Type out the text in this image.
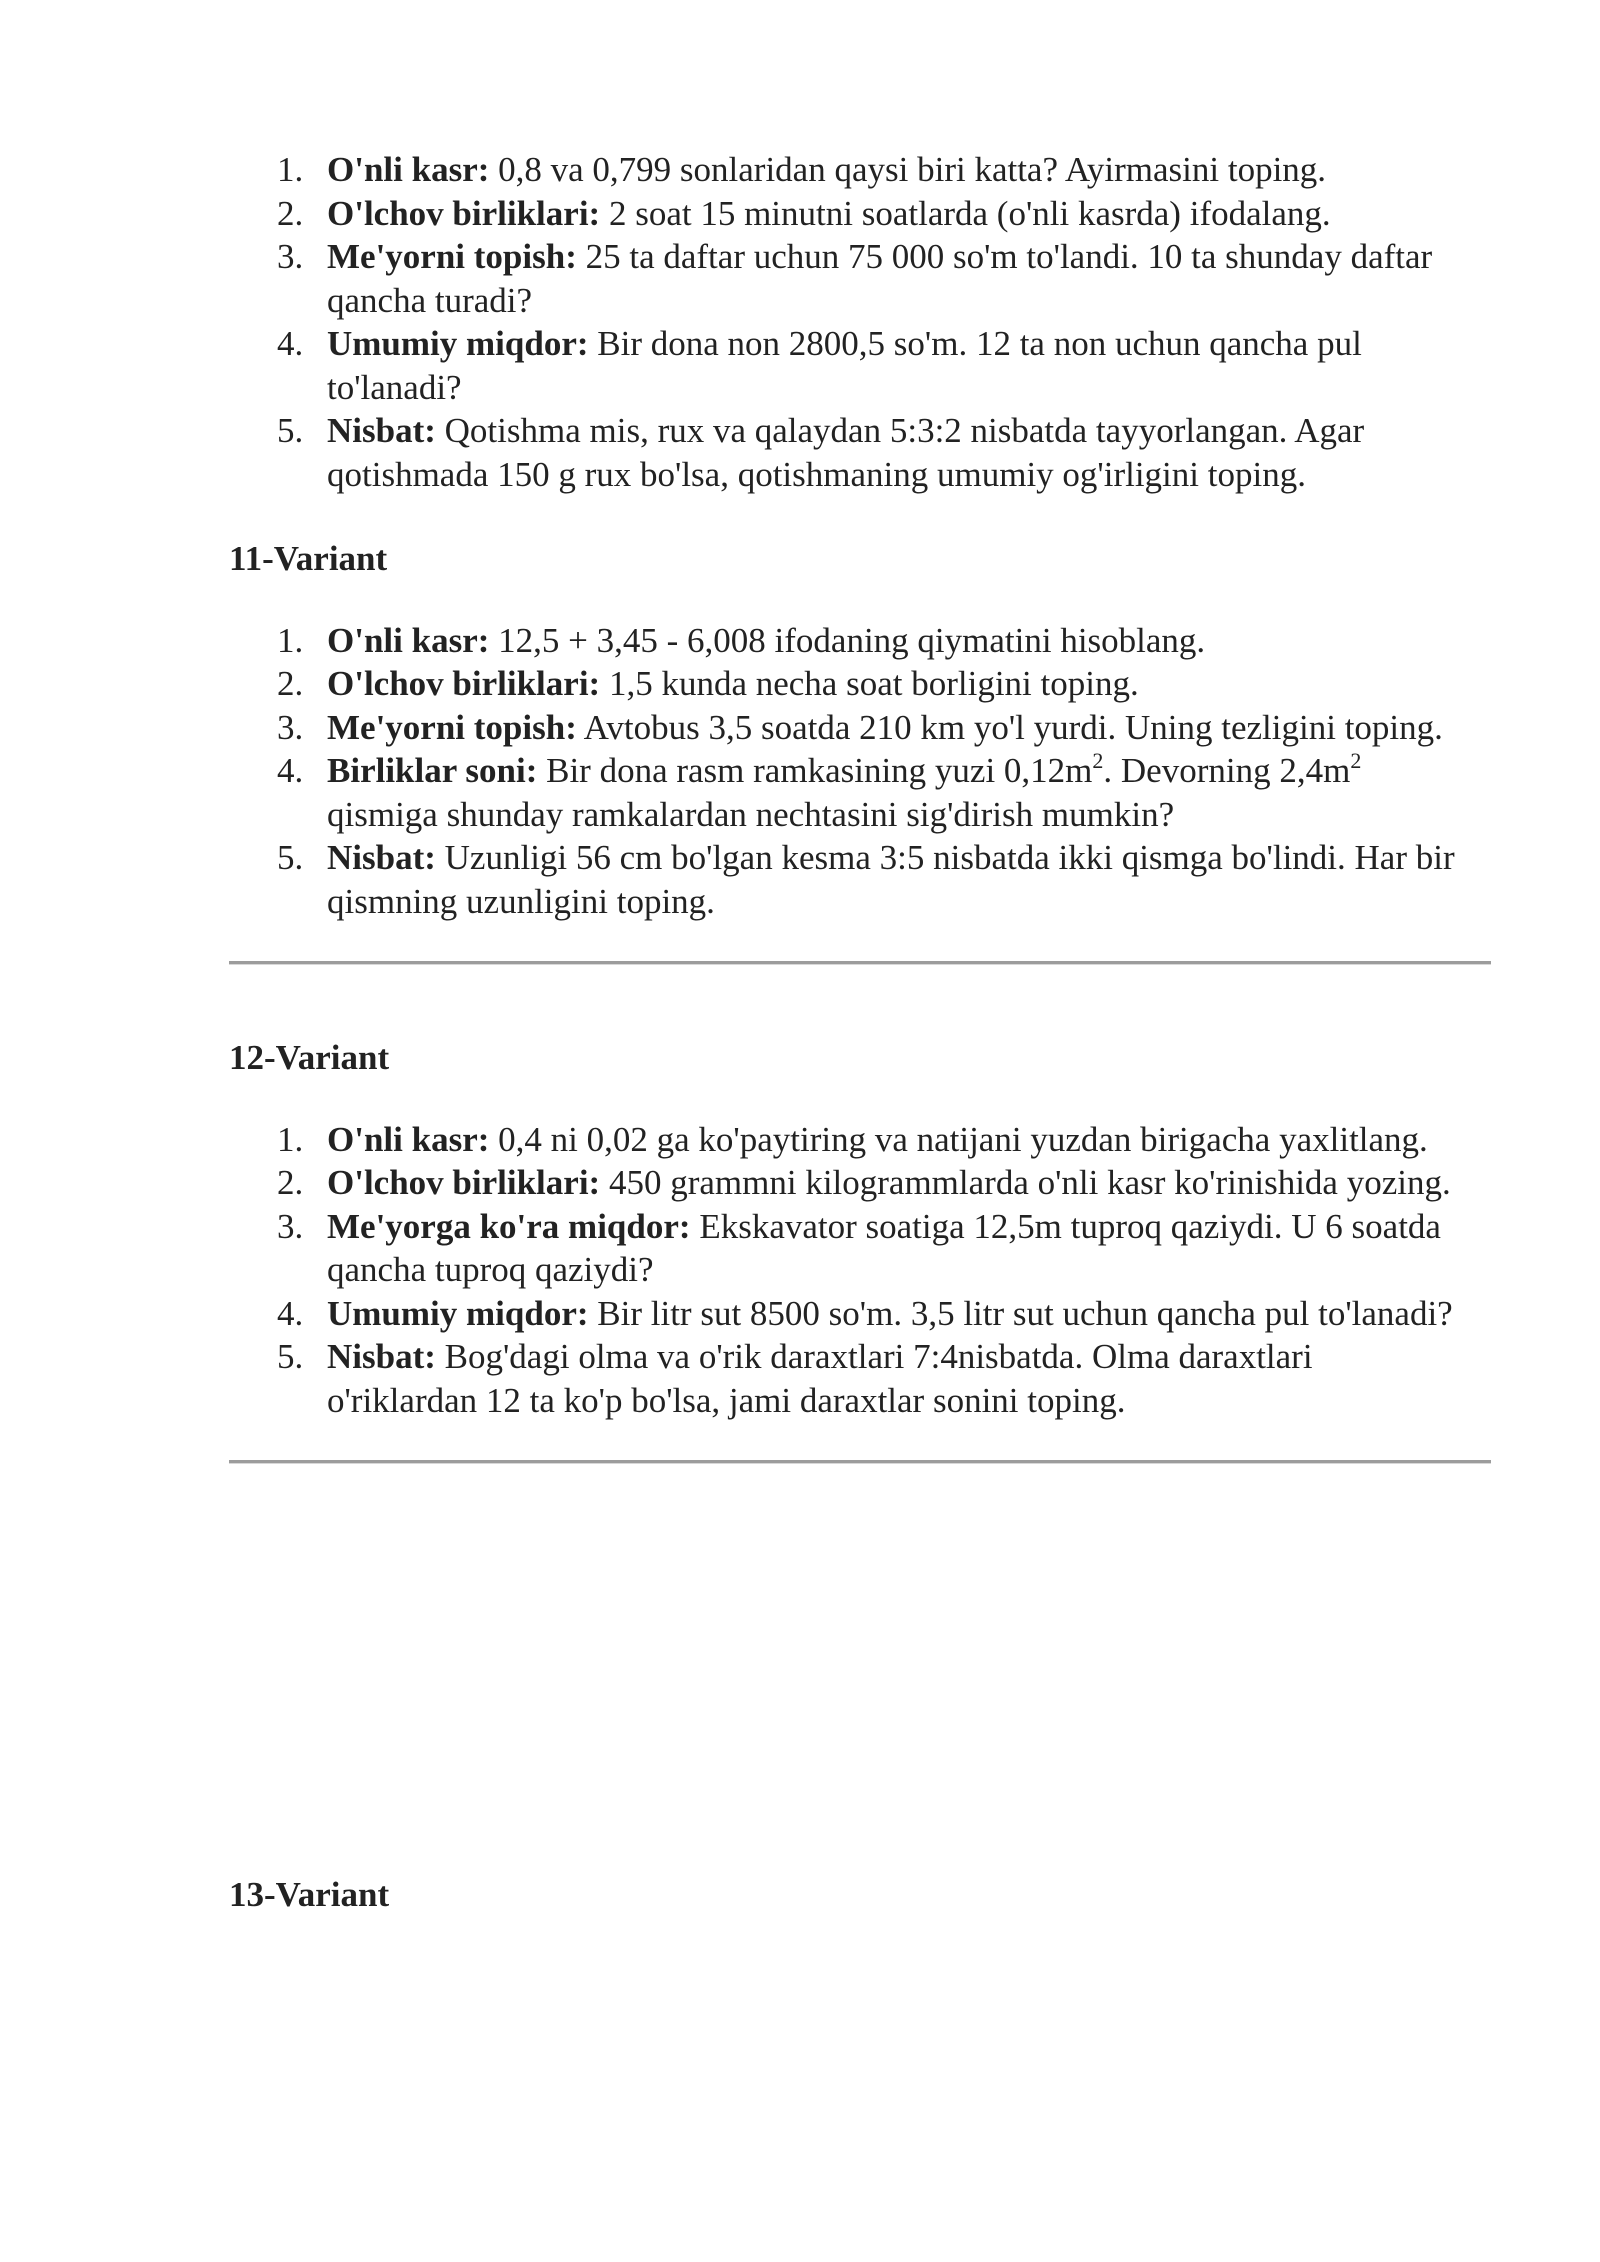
1. O'nli kasr: 0,8 va 0,799 sonlaridan qaysi biri katta? Ayirmasini toping.
2. O'lchov birliklari: 2 soat 15 minutni soatlarda (o'nli kasrda) ifodalang.
3. Me'yorni topish: 25 ta daftar uchun 75 000 so'm to'landi. 10 ta shunday daftar qancha turadi?
4. Umumiy miqdor: Bir dona non 2800,5 so'm. 12 ta non uchun qancha pul to'lanadi?
5. Nisbat: Qotishma mis, rux va qalaydan 5:3:2 nisbatda tayyorlangan. Agar qotishmada 150 g rux bo'lsa, qotishmaning umumiy og'irligini toping.
11-Variant
1. O'nli kasr: 12,5 + 3,45 - 6,008 ifodaning qiymatini hisoblang.
2. O'lchov birliklari: 1,5 kunda necha soat borligini toping.
3. Me'yorni topish: Avtobus 3,5 soatda 210 km yo'l yurdi. Uning tezligini toping.
4. Birliklar soni: Bir dona rasm ramkasining yuzi $0,12m^2$. Devorning $2,4m^2$ qismiga shunday ramkalardan nechtasini sig'dirish mumkin?
5. Nisbat: Uzunligi 56 cm bo'lgan kesma 3:5 nisbatda ikki qismga bo'lindi. Har bir qismning uzunligini toping.
12-Variant
1. O'nli kasr: 0,4 ni 0,02 ga ko'paytiring va natijani yuzdan birigacha yaxlitlang.
2. O'lchov birliklari: 450 grammni kilogrammlarda o'nli kasr ko'rinishida yozing.
3. Me'yorga ko'ra miqdor: Ekskavator soatiga 12,5m tuproq qaziydi. U 6 soatda qancha tuproq qaziydi?
4. Umumiy miqdor: Bir litr sut 8500 so'm. 3,5 litr sut uchun qancha pul to'lanadi?
5. Nisbat: Bog'dagi olma va o'rik daraxtlari 7:4nisbatda. Olma daraxtlari o'riklardan 12 ta ko'p bo'lsa, jami daraxtlar sonini toping.
13-Variant
